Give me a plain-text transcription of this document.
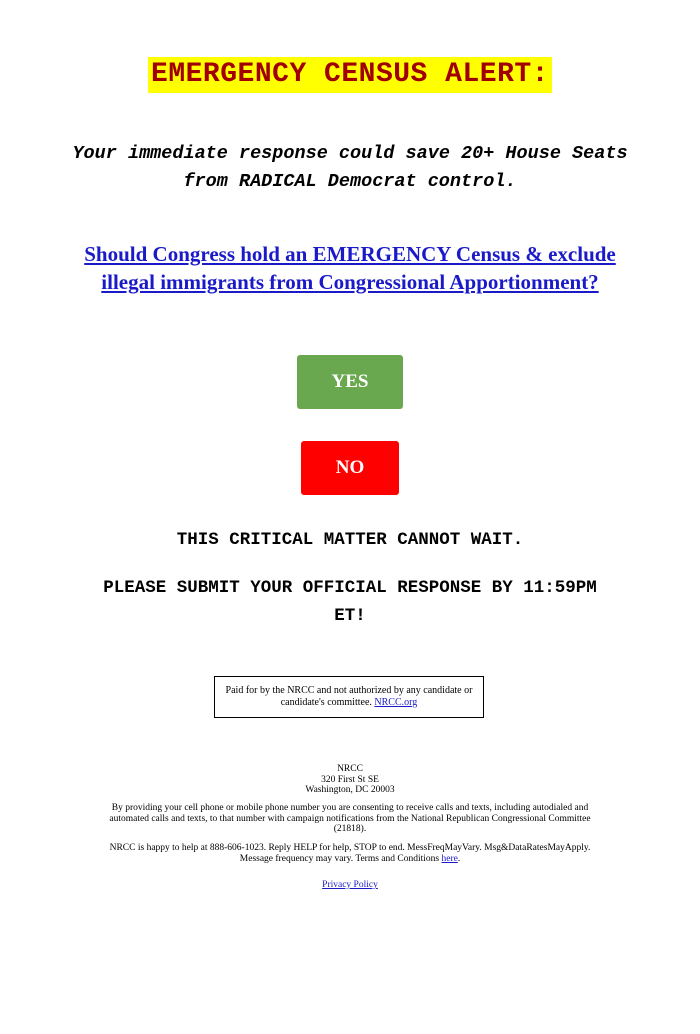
EMERGENCY CENSUS ALERT:
Your immediate response could save 20+ House Seats from RADICAL Democrat control.
Should Congress hold an EMERGENCY Census & exclude illegal immigrants from Congressional Apportionment?
YES
NO
THIS CRITICAL MATTER CANNOT WAIT.
PLEASE SUBMIT YOUR OFFICIAL RESPONSE BY 11:59PM ET!
Paid for by the NRCC and not authorized by any candidate or candidate's committee. NRCC.org
NRCC
320 First St SE
Washington, DC 20003
By providing your cell phone or mobile phone number you are consenting to receive calls and texts, including autodialed and automated calls and texts, to that number with campaign notifications from the National Republican Congressional Committee (21818).
NRCC is happy to help at 888-606-1023. Reply HELP for help, STOP to end. MessFreqMayVary. Msg&DataRatesMayApply. Message frequency may vary. Terms and Conditions here.
Privacy Policy
